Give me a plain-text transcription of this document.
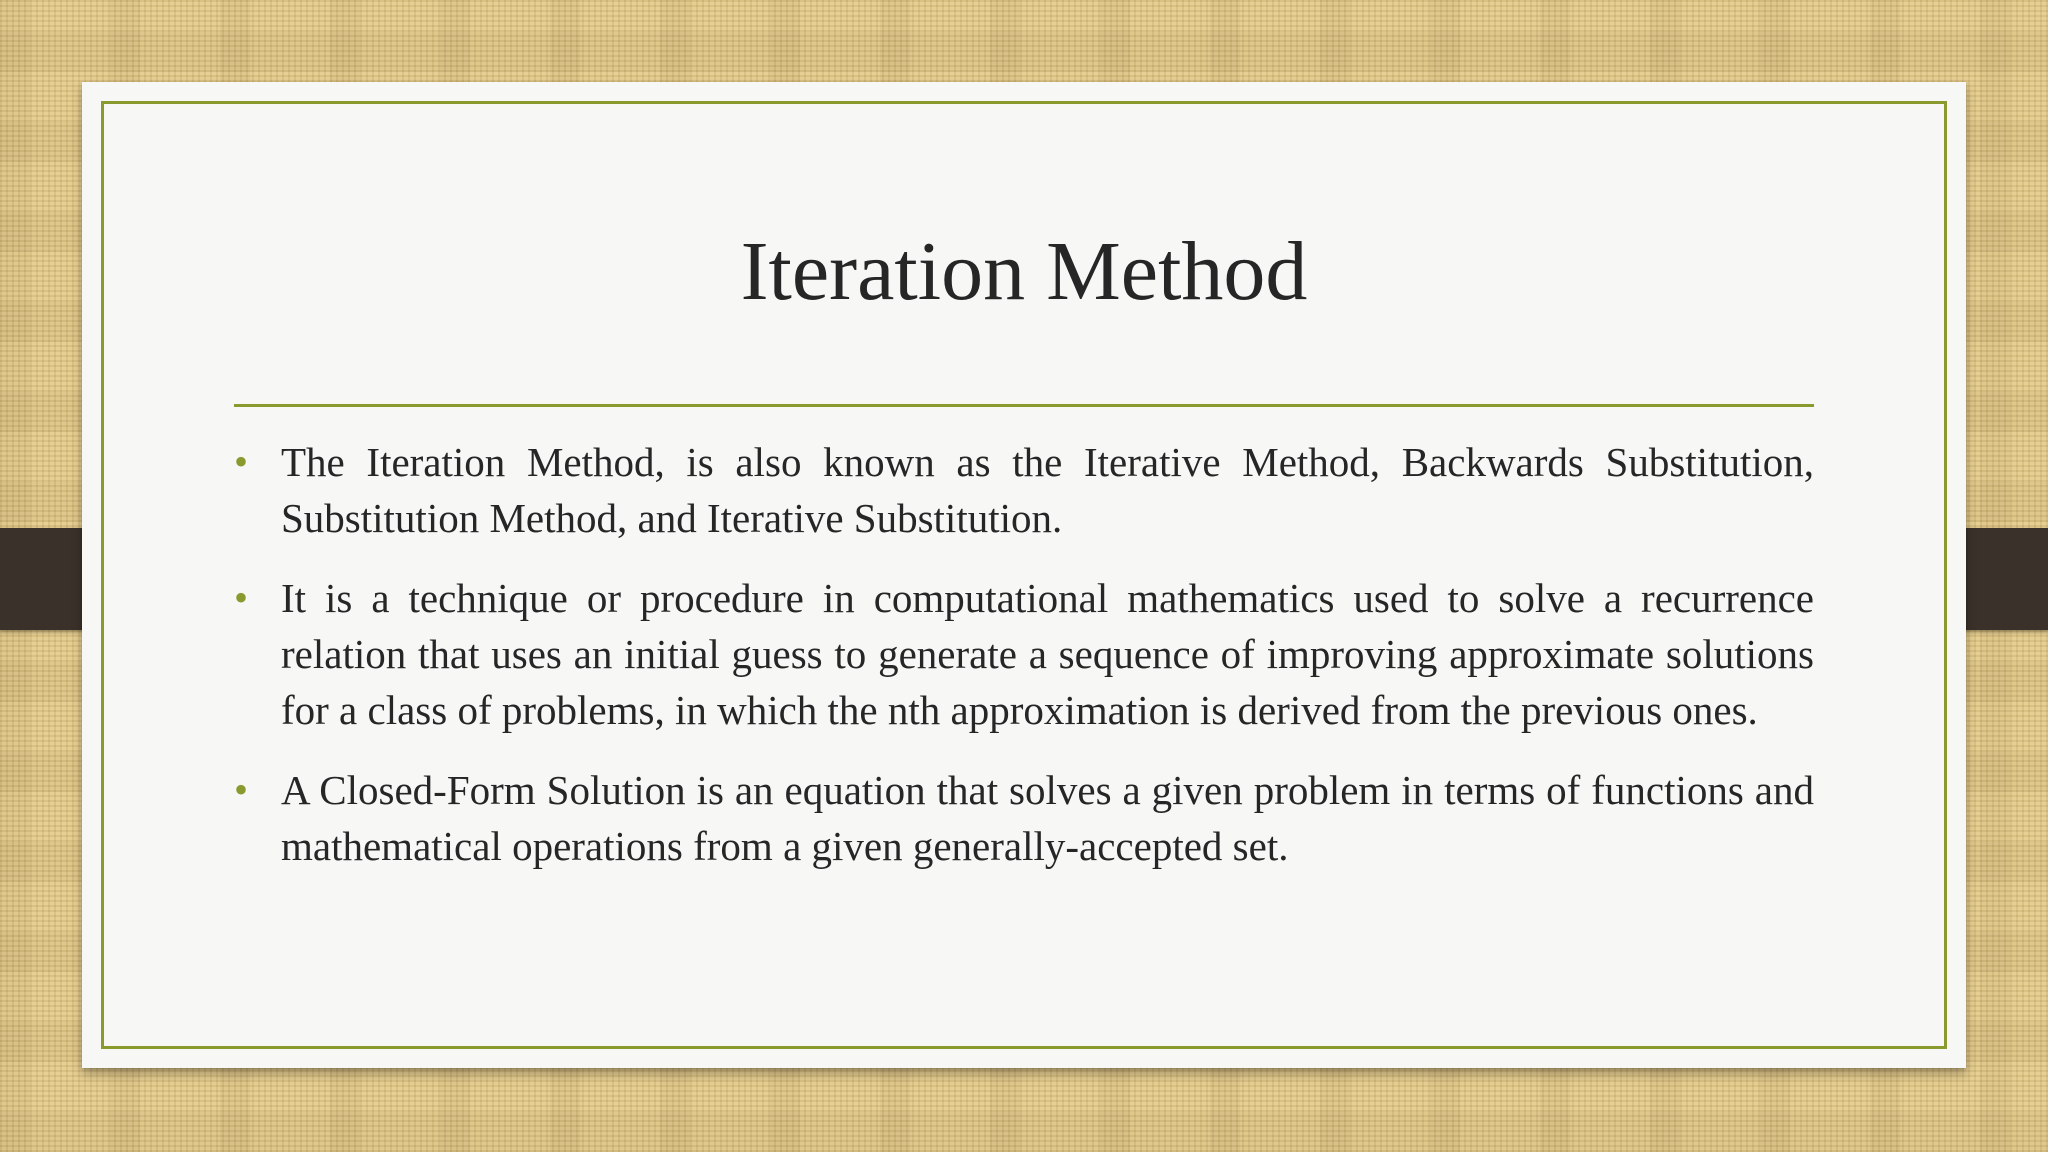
Iteration Method
• The Iteration Method, is also known as the Iterative Method, Backwards Substitution, Substitution Method, and Iterative Substitution.
• It is a technique or procedure in computational mathematics used to solve a recurrence relation that uses an initial guess to generate a sequence of improving approximate solutions for a class of problems, in which the nth approximation is derived from the previous ones.
• A Closed-Form Solution is an equation that solves a given problem in terms of functions and mathematical operations from a given generally-accepted set.
